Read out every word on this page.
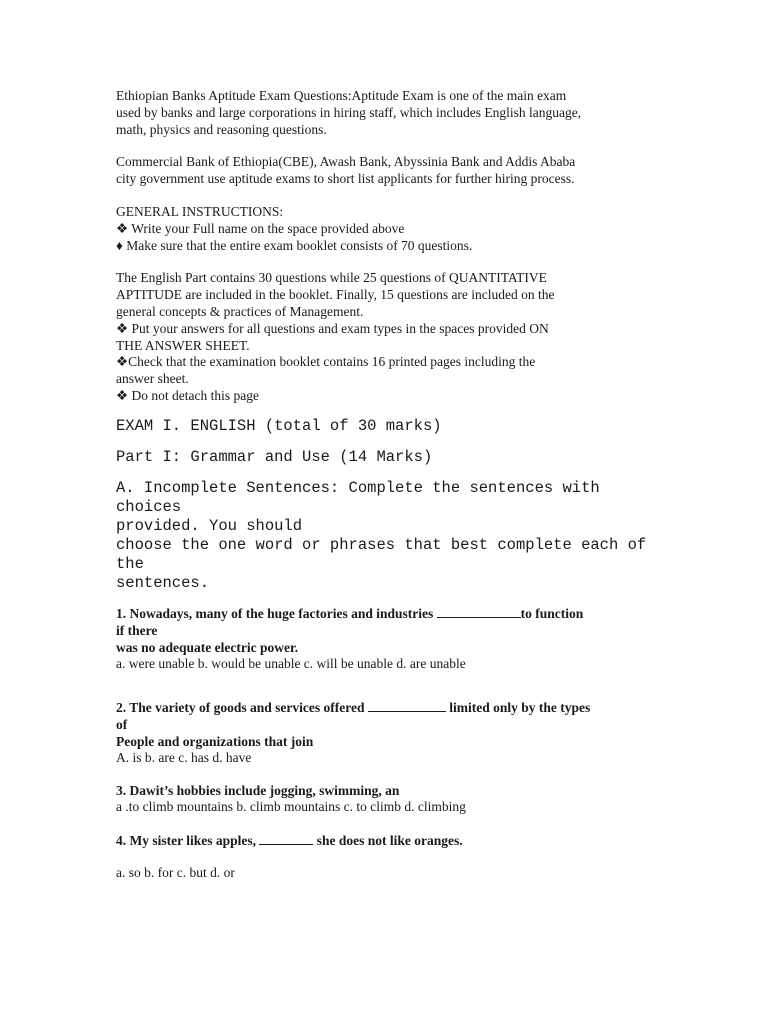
Ethiopian Banks Aptitude Exam Questions:Aptitude Exam is one of the main exam

used by banks and large corporations in hiring staff, which includes English language,

math, physics and reasoning questions.

Commercial Bank of Ethiopia(CBE), Awash Bank, Abyssinia Bank and Addis Ababa

city government use aptitude exams to short list applicants for further hiring process.

GENERAL INSTRUCTIONS:

❖ Write your Full name on the space provided above

♦ Make sure that the entire exam booklet consists of 70 questions.

The English Part contains 30 questions while 25 questions of QUANTITATIVE

APTITUDE are included in the booklet. Finally, 15 questions are included on the

general concepts & practices of Management.

❖ Put your answers for all questions and exam types in the spaces provided ON

THE ANSWER SHEET.

❖Check that the examination booklet contains 16 printed pages including the

answer sheet.

❖ Do not detach this page

EXAM I. ENGLISH (total of 30 marks)

Part I: Grammar and Use (14 Marks)

A. Incomplete Sentences: Complete the sentences with choices

provided. You should

choose the one word or phrases that best complete each of the

sentences.

1. Nowadays, many of the huge factories and industries	to function

if there

was no adequate electric power.

a. were unable b. would be unable c. will be unable d. are unable

2. The variety of goods and services offered	limited only by the types

of

People and organizations that join

A. is b. are c. has d. have

3. Dawit’s hobbies include jogging, swimming, an

a .to climb mountains b. climb mountains c. to climb d. climbing

4. My sister likes apples,	she does not like oranges.

a. so b. for c. but d. or
